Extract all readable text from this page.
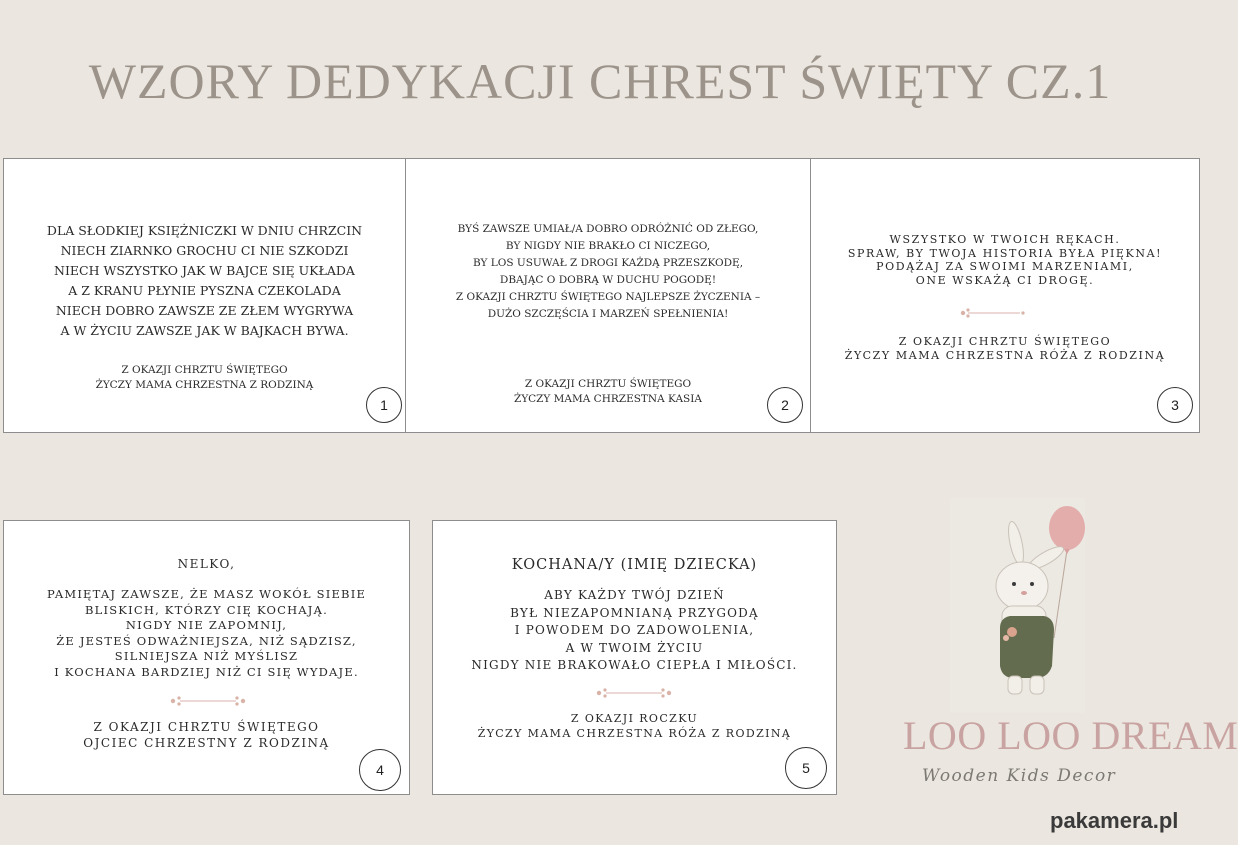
WZORY DEDYKACJI CHREST ŚWIĘTY CZ.1
DLA SŁODKIEJ KSIĘŻNICZKI W DNIU CHRZCIN
NIECH ZIARNKO GROCHU CI NIE SZKODZI
NIECH WSZYSTKO JAK W BAJCE SIĘ UKŁADA
A Z KRANU PŁYNIE PYSZNA CZEKOLADA
NIECH DOBRO ZAWSZE ZE ZŁEM WYGRYWA
A W ŻYCIU ZAWSZE JAK W BAJKACH BYWA.
Z OKAZJI CHRZTU ŚWIĘTEGO
ŻYCZY MAMA CHRZESTNA Z RODZINĄ
1
BYŚ ZAWSZE UMIAŁ/A DOBRO ODRÓŻNIĆ OD ZŁEGO,
BY NIGDY NIE BRAKŁO CI NICZEGO,
BY LOS USUWAŁ Z DROGI KAŻDĄ PRZESZKODĘ,
DBAJĄC O DOBRĄ W DUCHU POGODĘ!
Z OKAZJI CHRZTU ŚWIĘTEGO NAJLEPSZE ŻYCZENIA –
DUŻO SZCZĘŚCIA I MARZEŃ SPEŁNIENIA!
Z OKAZJI CHRZTU ŚWIĘTEGO
ŻYCZY MAMA CHRZESTNA KASIA	2
WSZYSTKO W TWOICH RĘKACH.
SPRAW, BY TWOJA HISTORIA BYŁA PIĘKNA!
PODĄŻAJ ZA SWOIMI MARZENIAMI,
ONE WSKAŻĄ CI DROGĘ.
Z OKAZJI CHRZTU ŚWIĘTEGO
ŻYCZY MAMA CHRZESTNA RÓŻA Z RODZINĄ
3
NELKO,
PAMIĘTAJ ZAWSZE, ŻE MASZ WOKÓŁ SIEBIE
BLISKICH, KTÓRZY CIĘ KOCHAJĄ.
NIGDY NIE ZAPOMNIJ,
ŻE JESTEŚ ODWAŻNIEJSZA, NIŻ SĄDZISZ,
SILNIEJSZA NIŻ MYŚLISZ
I KOCHANA BARDZIEJ NIŻ CI SIĘ WYDAJE.
Z OKAZJI CHRZTU ŚWIĘTEGO
OJCIEC CHRZESTNY Z RODZINĄ
4
KOCHANA/Y (IMIĘ DZIECKA)
ABY KAŻDY TWÓJ DZIEŃ
BYŁ NIEZAPOMNIANĄ PRZYGODĄ
I POWODEM DO ZADOWOLENIA,
A W TWOIM ŻYCIU
NIGDY NIE BRAKOWAŁO CIEPŁA I MIŁOŚCI.
Z OKAZJI ROCZKU
ŻYCZY MAMA CHRZESTNA RÓŻA Z RODZINĄ
5
LOO LOO DREAM
Wooden Kids Decor
pakamera.pl
